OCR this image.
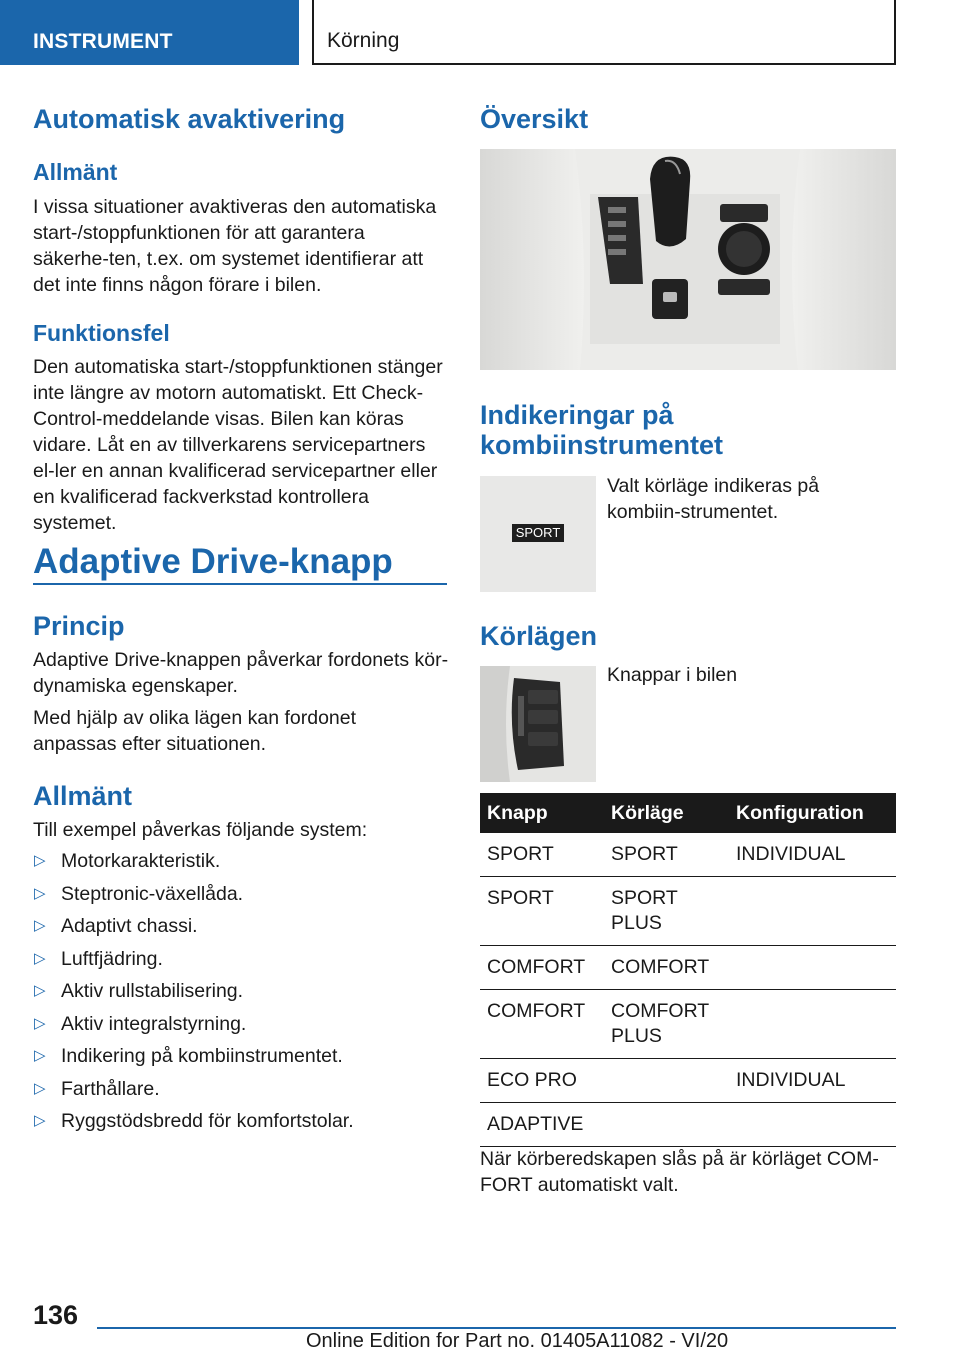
INSTRUMENT	Körning
Automatisk avaktivering
Allmänt
I vissa situationer avaktiveras den automatiska start-/stoppfunktionen för att garantera säkerhe-ten, t.ex. om systemet identifierar att det inte finns någon förare i bilen.
Funktionsfel
Den automatiska start-/stoppfunktionen stänger inte längre av motorn automatiskt. Ett Check-Control-meddelande visas. Bilen kan köras vidare. Låt en av tillverkarens servicepartners el-ler en annan kvalificerad servicepartner eller en kvalificerad fackverkstad kontrollera systemet.
Adaptive Drive-knapp
Princip
Adaptive Drive-knappen påverkar fordonets kör-dynamiska egenskaper.
Med hjälp av olika lägen kan fordonet anpassas efter situationen.
Allmänt
Till exempel påverkas följande system:
▷ Motorkarakteristik.
▷ Steptronic-växellåda.
▷ Adaptivt chassi.
▷ Luftfjädring.
▷ Aktiv rullstabilisering.
▷ Aktiv integralstyrning.
▷ Indikering på kombiinstrumentet.
▷ Farthållare.
▷ Ryggstödsbredd för komfortstolar.
Översikt
Indikeringar på
kombiinstrumentet
SPORT
Valt körläge indikeras på kombiin-strumentet.
Körlägen
Knappar i bilen
Knapp	Körläge	Konfiguration
SPORT	SPORT	INDIVIDUAL
SPORT	SPORT PLUS	
COMFORT	COMFORT	
COMFORT	COMFORT PLUS	
ECO PRO		INDIVIDUAL
ADAPTIVE		
När körberedskapen slås på är körläget COM-FORT automatiskt valt.
136
Online Edition for Part no. 01405A11082 - VI/20
